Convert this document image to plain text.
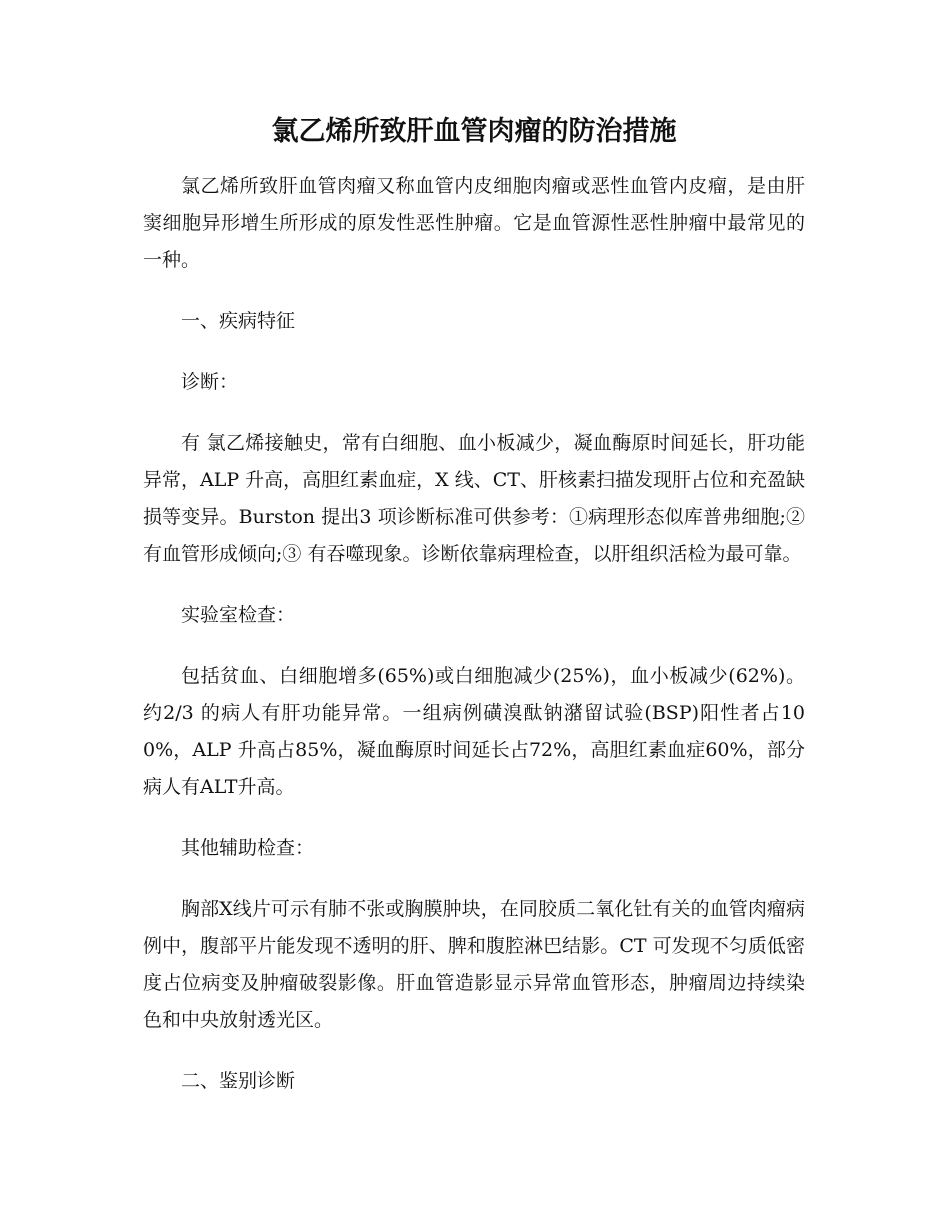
氯乙烯所致肝血管肉瘤的防治措施

氯乙烯所致肝血管肉瘤又称血管内皮细胞肉瘤或恶性血管内皮瘤，是由肝窦细胞异形增生所形成的原发性恶性肿瘤。它是血管源性恶性肿瘤中最常见的一种。

一、疾病特征

诊断：

有 氯乙烯接触史，常有白细胞、血小板减少，凝血酶原时间延长，肝功能异常，ALP 升高，高胆红素血症，X 线、CT、肝核素扫描发现肝占位和充盈缺损等变异。Burston 提出3 项诊断标准可供参考：①病理形态似库普弗细胞;② 有血管形成倾向;③ 有吞噬现象。诊断依靠病理检查，以肝组织活检为最可靠。

实验室检查：

包括贫血、白细胞增多(65%)或白细胞减少(25%)，血小板减少(62%)。约2/3 的病人有肝功能异常。一组病例磺溴酞钠潴留试验(BSP)阳性者占100%，ALP 升高占85%，凝血酶原时间延长占72%，高胆红素血症60%，部分病人有ALT升高。

其他辅助检查：

胸部X线片可示有肺不张或胸膜肿块，在同胶质二氧化钍有关的血管肉瘤病例中，腹部平片能发现不透明的肝、脾和腹腔淋巴结影。CT 可发现不匀质低密度占位病变及肿瘤破裂影像。肝血管造影显示异常血管形态，肿瘤周边持续染色和中央放射透光区。

二、鉴别诊断
